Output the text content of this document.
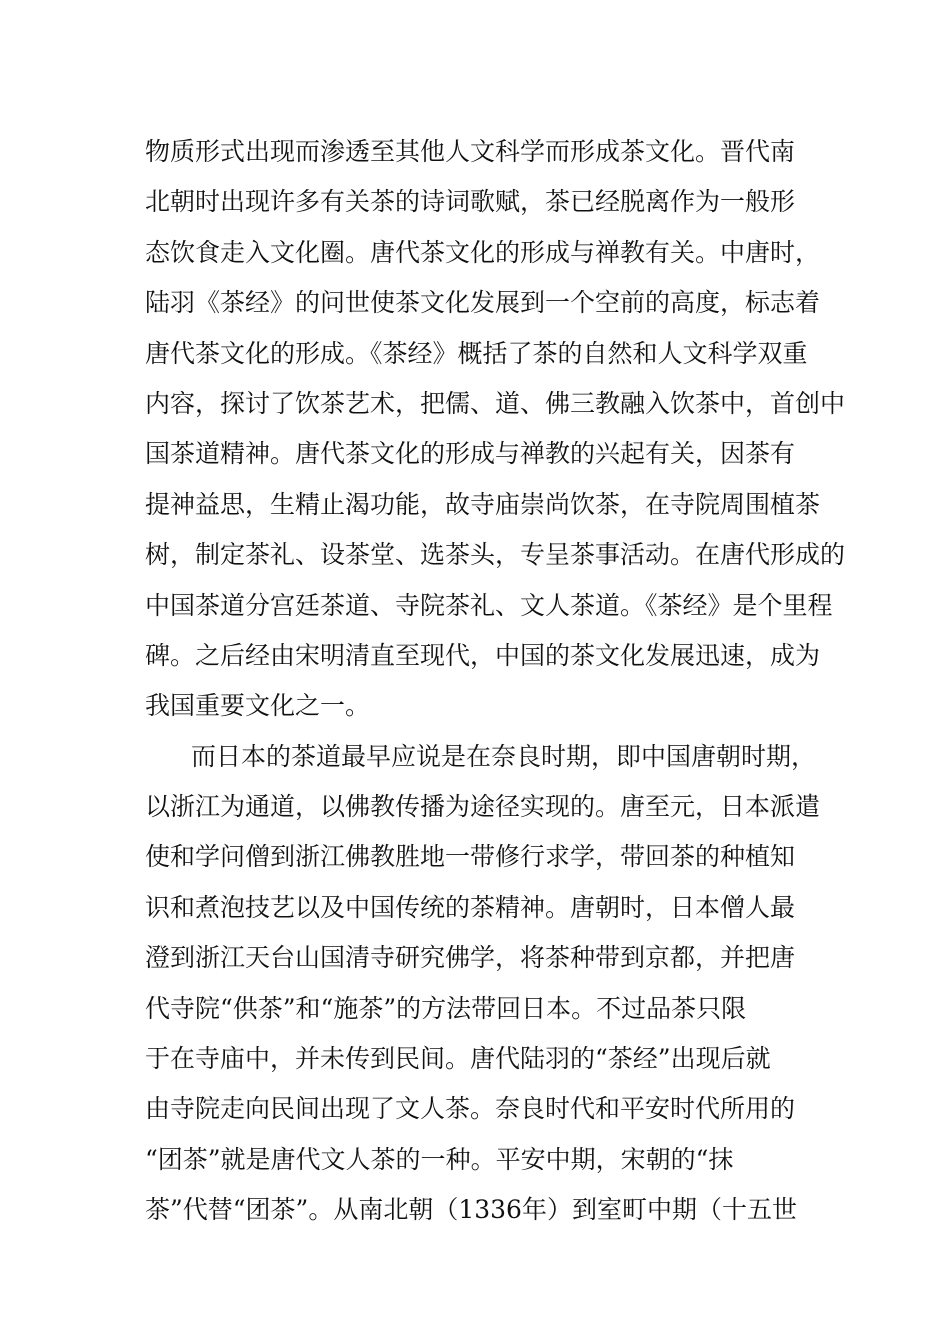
物质形式出现而渗透至其他人文科学而形成茶文化。晋代南
北朝时出现许多有关茶的诗词歌赋，茶已经脱离作为一般形
态饮食走入文化圈。唐代茶文化的形成与禅教有关。中唐时，
陆羽《茶经》的问世使茶文化发展到一个空前的高度，标志着
唐代茶文化的形成。《茶经》概括了茶的自然和人文科学双重
内容，探讨了饮茶艺术，把儒、道、佛三教融入饮茶中，首创中
国茶道精神。唐代茶文化的形成与禅教的兴起有关，因茶有
提神益思，生精止渴功能，故寺庙崇尚饮茶，在寺院周围植茶
树，制定茶礼、设茶堂、选茶头，专呈茶事活动。在唐代形成的
中国茶道分宫廷茶道、寺院茶礼、文人茶道。《茶经》是个里程
碑。之后经由宋明清直至现代，中国的茶文化发展迅速，成为
我国重要文化之一。
而日本的茶道最早应说是在奈良时期，即中国唐朝时期，
以浙江为通道，以佛教传播为途径实现的。唐至元，日本派遣
使和学问僧到浙江佛教胜地一带修行求学，带回茶的种植知
识和煮泡技艺以及中国传统的茶精神。唐朝时，日本僧人最
澄到浙江天台山国清寺研究佛学，将茶种带到京都，并把唐
代寺院“供茶”和“施茶”的方法带回日本。不过品茶只限
于在寺庙中，并未传到民间。唐代陆羽的“茶经”出现后就
由寺院走向民间出现了文人茶。奈良时代和平安时代所用的
“团茶”就是唐代文人茶的一种。平安中期，宋朝的“抹
茶”代替“团茶”。从南北朝（1336年）到室町中期（十五世
